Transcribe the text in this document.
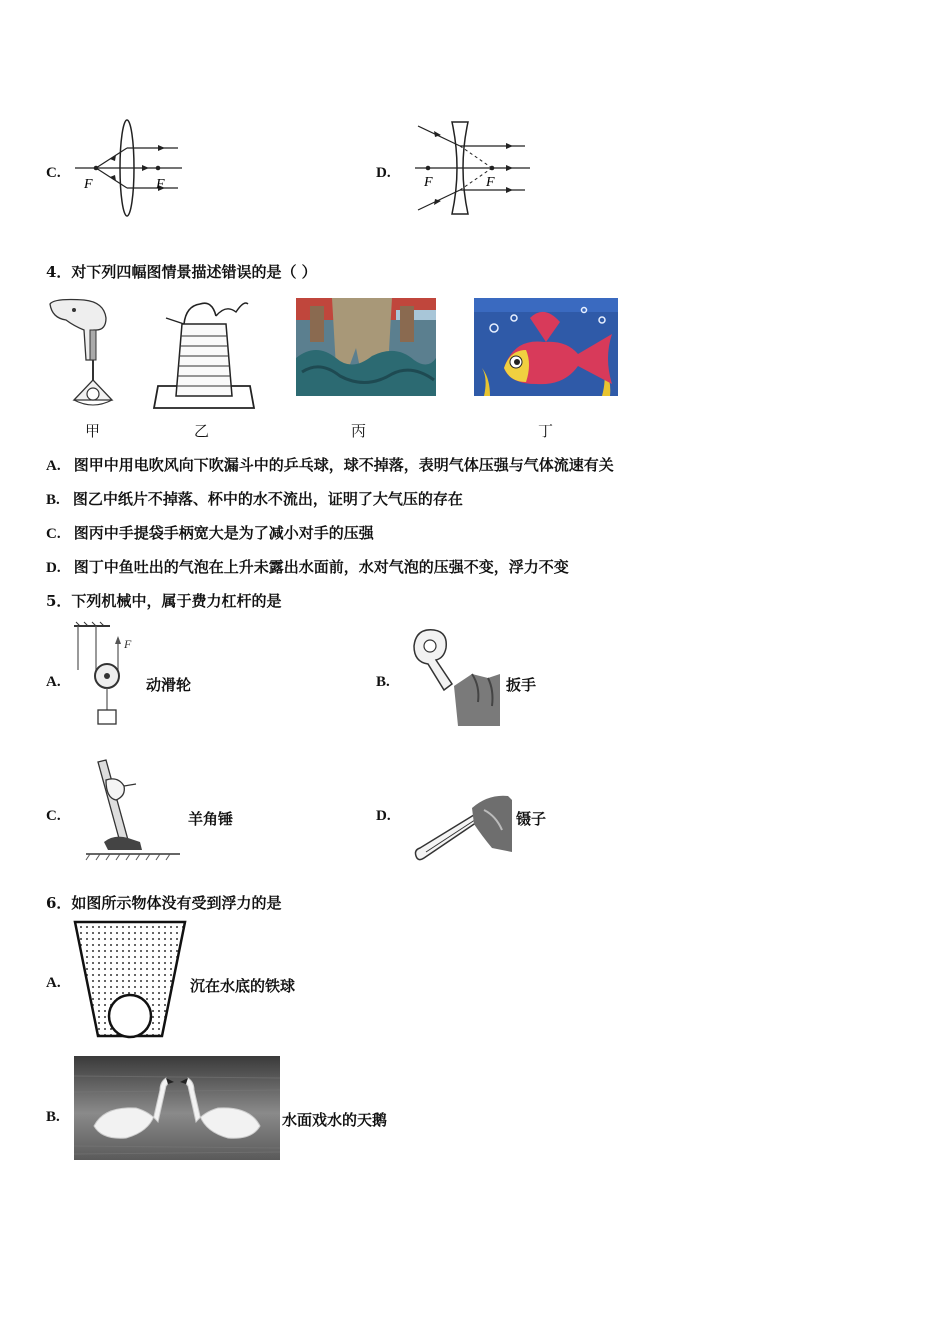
C.
F	F
D.
F	F
4．对下列四幅图情景描述错误的是（ ）
甲	乙	丙	丁
A. 图甲中用电吹风向下吹漏斗中的乒乓球，球不掉落，表明气体压强与气体流速有关
B. 图乙中纸片不掉落、杯中的水不流出，证明了大气压的存在
C. 图丙中手提袋手柄宽大是为了减小对手的压强
D. 图丁中鱼吐出的气泡在上升未露出水面前，水对气泡的压强不变，浮力不变
5．下列机械中，属于费力杠杆的是
A.
F
动滑轮	B.	扳手
C.	羊角锤	D.	镊子
6．如图所示物体没有受到浮力的是
A.	沉在水底的铁球
B.	水面戏水的天鹅
